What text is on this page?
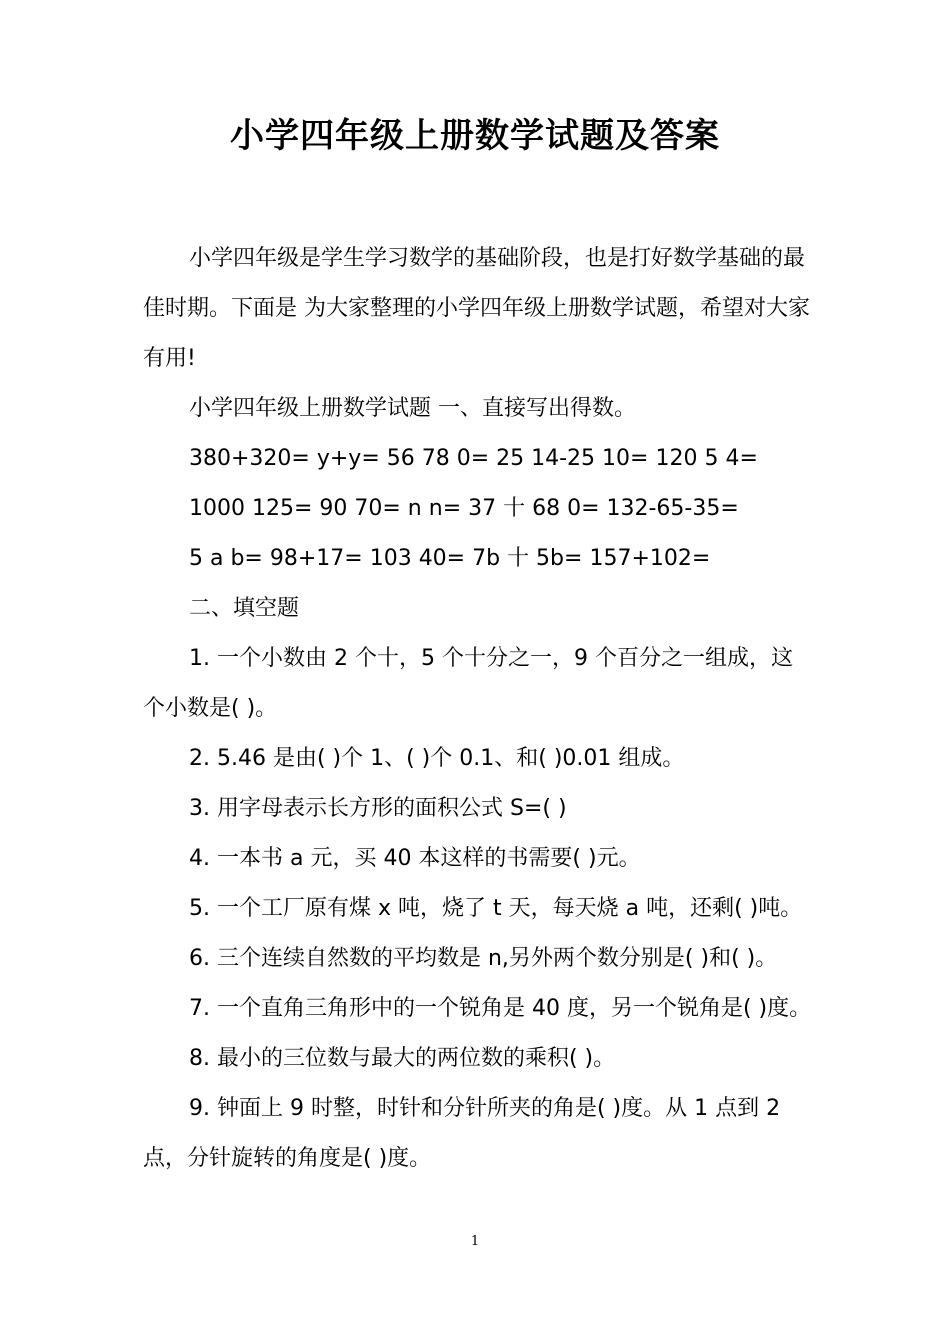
小学四年级上册数学试题及答案

小学四年级是学生学习数学的基础阶段，也是打好数学基础的最佳时期。下面是 为大家整理的小学四年级上册数学试题，希望对大家有用!

小学四年级上册数学试题 一、直接写出得数。

380+320= y+y= 56 78 0= 25 14-25 10= 120 5 4=

1000 125= 90 70= n n= 37 十 68 0= 132-65-35=

5 a b= 98+17= 103 40= 7b 十 5b= 157+102=

二、填空题

1. 一个小数由 2 个十，5 个十分之一，9 个百分之一组成，这个小数是( )。

2. 5.46 是由( )个 1、( )个 0.1、和( )0.01 组成。

3. 用字母表示长方形的面积公式 S=( )

4. 一本书 a 元，买 40 本这样的书需要( )元。

5. 一个工厂原有煤 x 吨，烧了 t 天，每天烧 a 吨，还剩( )吨。

6. 三个连续自然数的平均数是 n,另外两个数分别是( )和( )。

7. 一个直角三角形中的一个锐角是 40 度，另一个锐角是( )度。

8. 最小的三位数与最大的两位数的乘积( )。

9. 钟面上 9 时整，时针和分针所夹的角是( )度。从 1 点到 2 点，分针旋转的角度是( )度。

1
